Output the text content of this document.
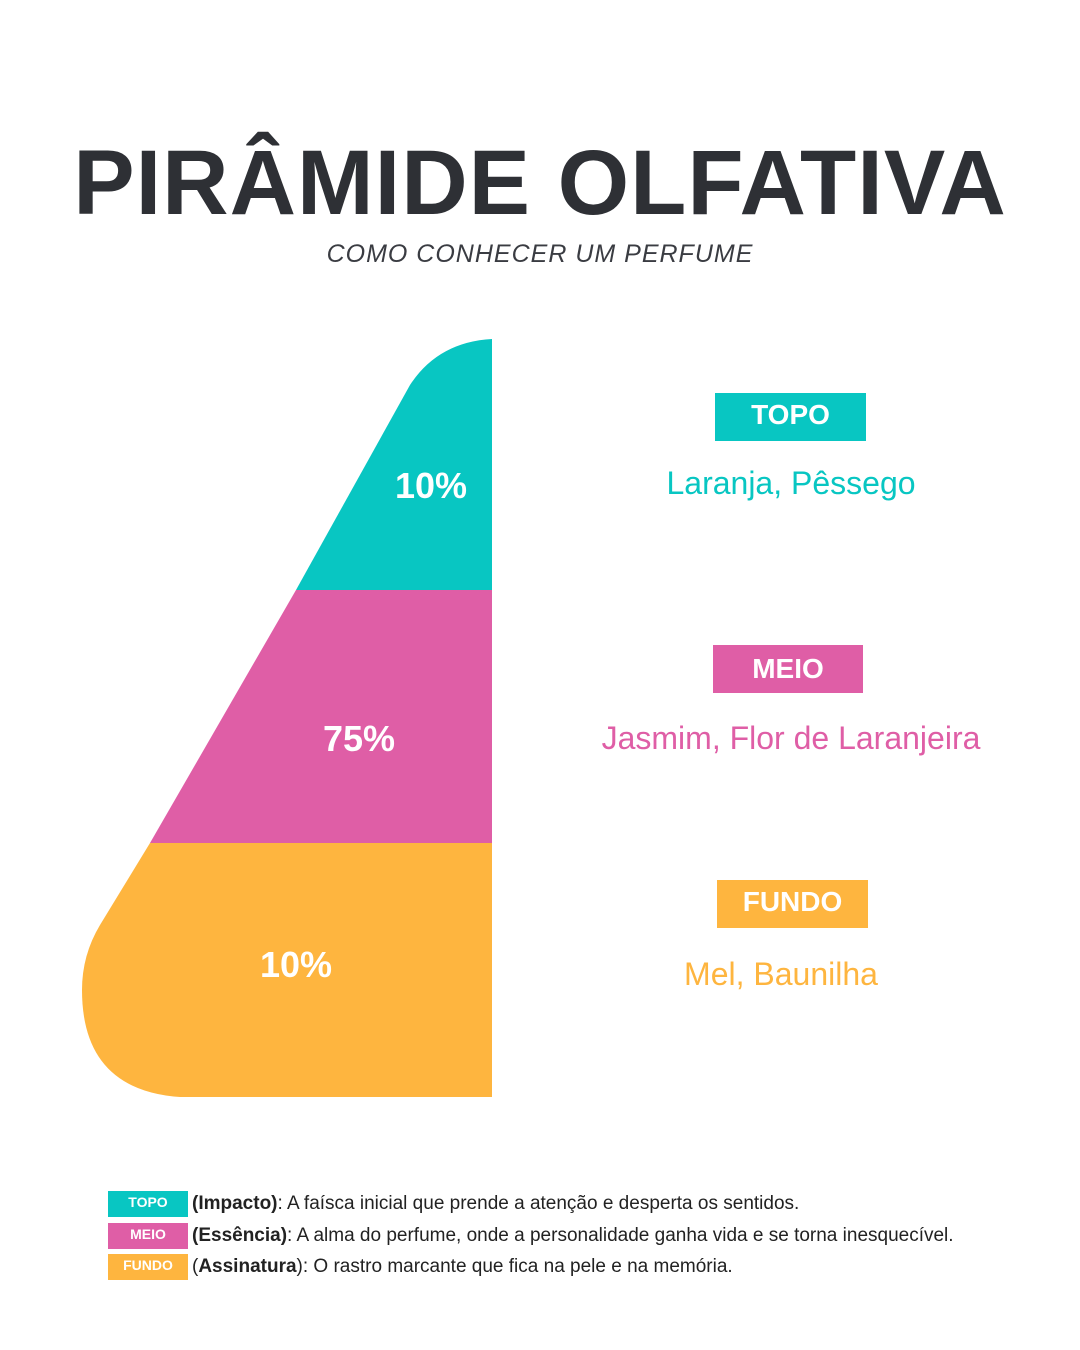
PIRÂMIDE OLFATIVA
COMO CONHECER UM PERFUME
10%
75%
10%
TOPO
Laranja, Pêssego
MEIO
Jasmim, Flor de Laranjeira
FUNDO
Mel, Baunilha
TOPO	(Impacto) : A faísca inicial que prende a atenção e desperta os sentidos.
MEIO	(Essência) : A alma do perfume, onde a personalidade ganha vida e se torna inesquecível.
FUNDO	( Assinatura ) : O rastro marcante que fica na pele e na memória.
